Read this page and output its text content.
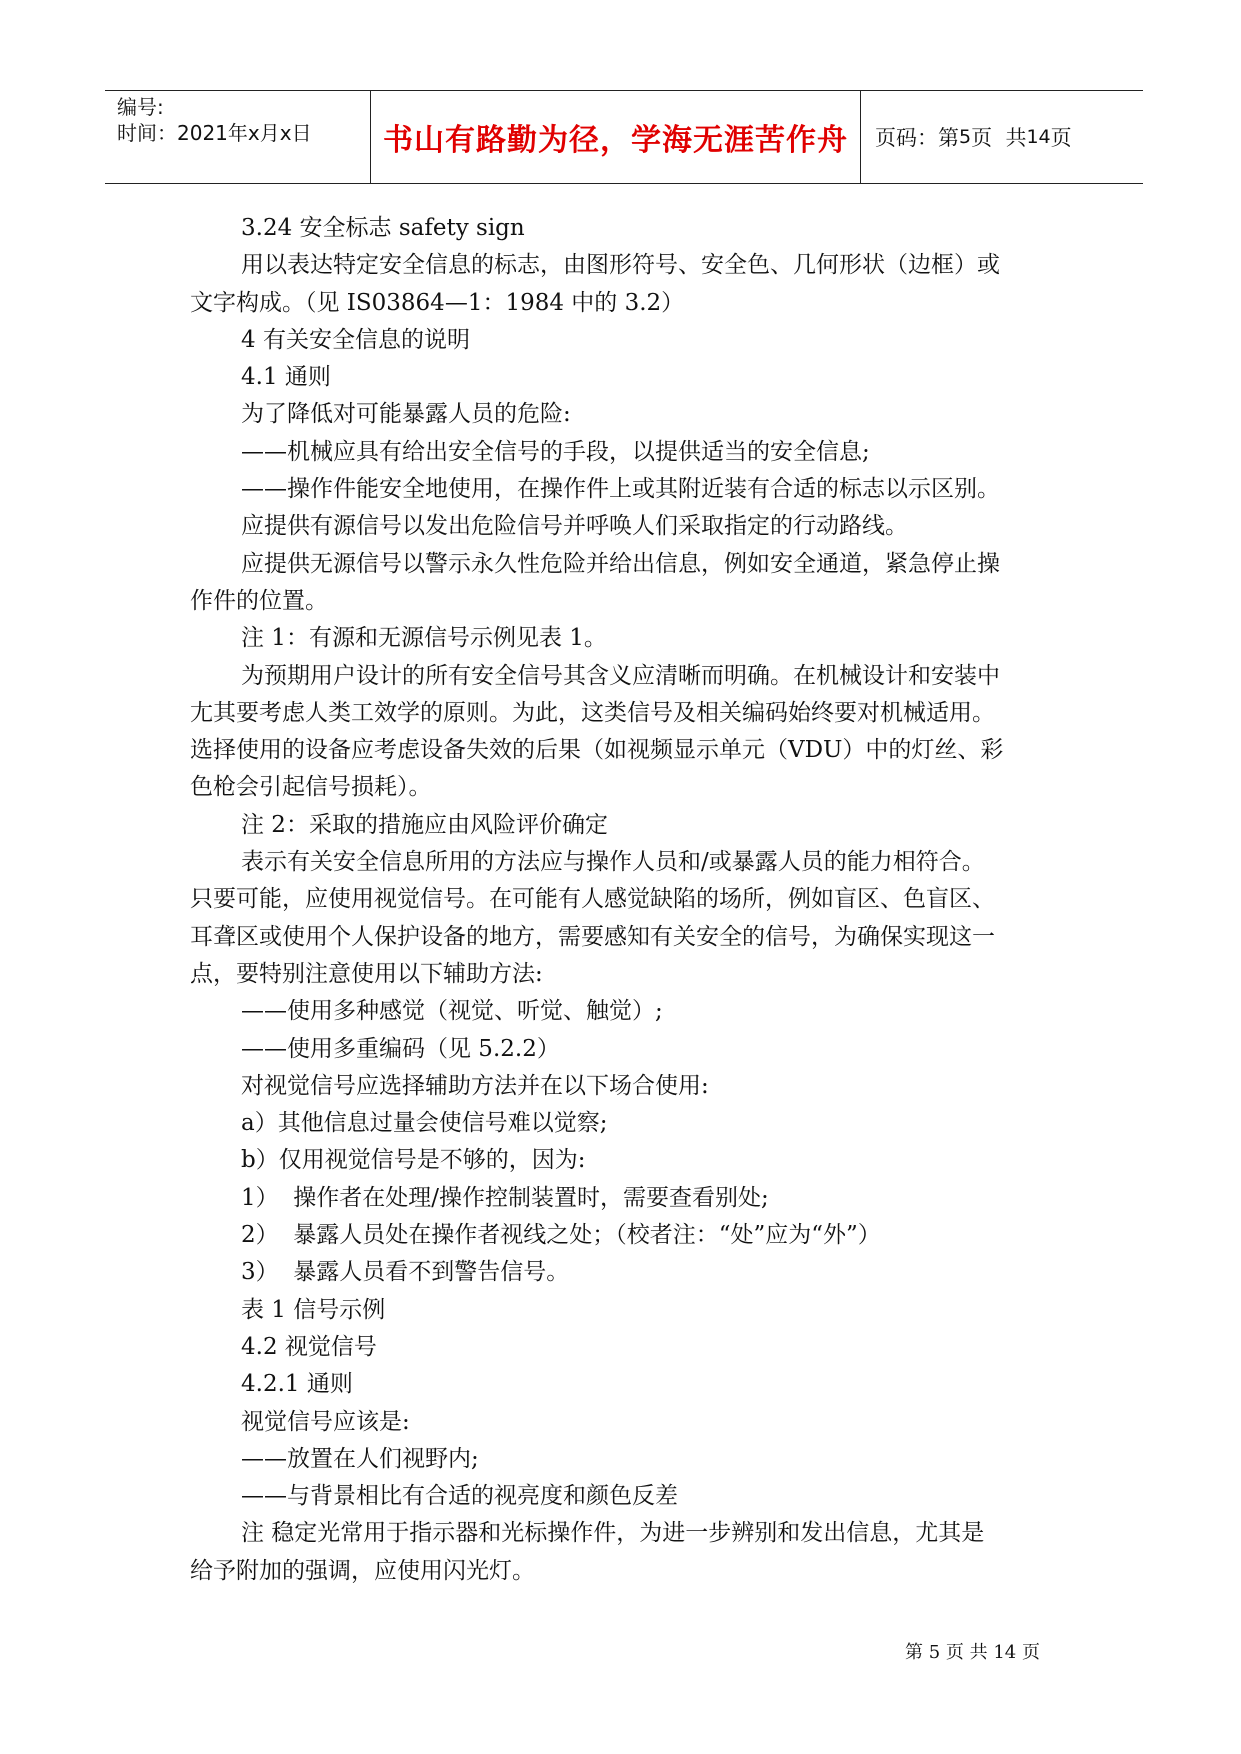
编号:
时间：2021年x月x日	书山有路勤为径，学海无涯苦作舟	页码：第 5 页  共 14 页

3.24 安全标志 safety sign

用以表达特定安全信息的标志，由图形符号、安全色、几何形状（边框）或

文字构成。（见 IS03864—1：1984 中的 3.2）

4 有关安全信息的说明

4.1 通则

为了降低对可能暴露人员的危险:

——机械应具有给出安全信号的手段，以提供适当的安全信息;

——操作件能安全地使用，在操作件上或其附近装有合适的标志以示区别。

应提供有源信号以发出危险信号并呼唤人们采取指定的行动路线。

应提供无源信号以警示永久性危险并给出信息，例如安全通道，紧急停止操

作件的位置。

注 1：有源和无源信号示例见表 1。

为预期用户设计的所有安全信号其含义应清晰而明确。在机械设计和安装中

尢其要考虑人类工效学的原则。为此，这类信号及相关编码始终要对机械适用。

选择使用的设备应考虑设备失效的后果（如视频显示单元（VDU）中的灯丝、彩

色枪会引起信号损耗）。

注 2：采取的措施应由风险评价确定

表示有关安全信息所用的方法应与操作人员和/或暴露人员的能力相符合。

只要可能，应使用视觉信号。在可能有人感觉缺陷的场所，例如盲区、色盲区、

耳聋区或使用个人保护设备的地方，需要感知有关安全的信号，为确保实现这一

点，要特别注意使用以下辅助方法:

——使用多种感觉（视觉、听觉、触觉）;

——使用多重编码（见 5.2.2）

对视觉信号应选择辅助方法并在以下场合使用:

a）其他信息过量会使信号难以觉察;

b）仅用视觉信号是不够的，因为:

1）  操作者在处理/操作控制装置时，需要查看别处;

2）  暴露人员处在操作者视线之处；（校者注：“处”应为“外”）

3）  暴露人员看不到警告信号。

表 1 信号示例

4.2 视觉信号

4.2.1 通则

视觉信号应该是:

——放置在人们视野内;

——与背景相比有合适的视亮度和颜色反差

注 稳定光常用于指示器和光标操作件，为进一步辨别和发出信息，尤其是

给予附加的强调，应使用闪光灯。

第 5 页 共 14 页
